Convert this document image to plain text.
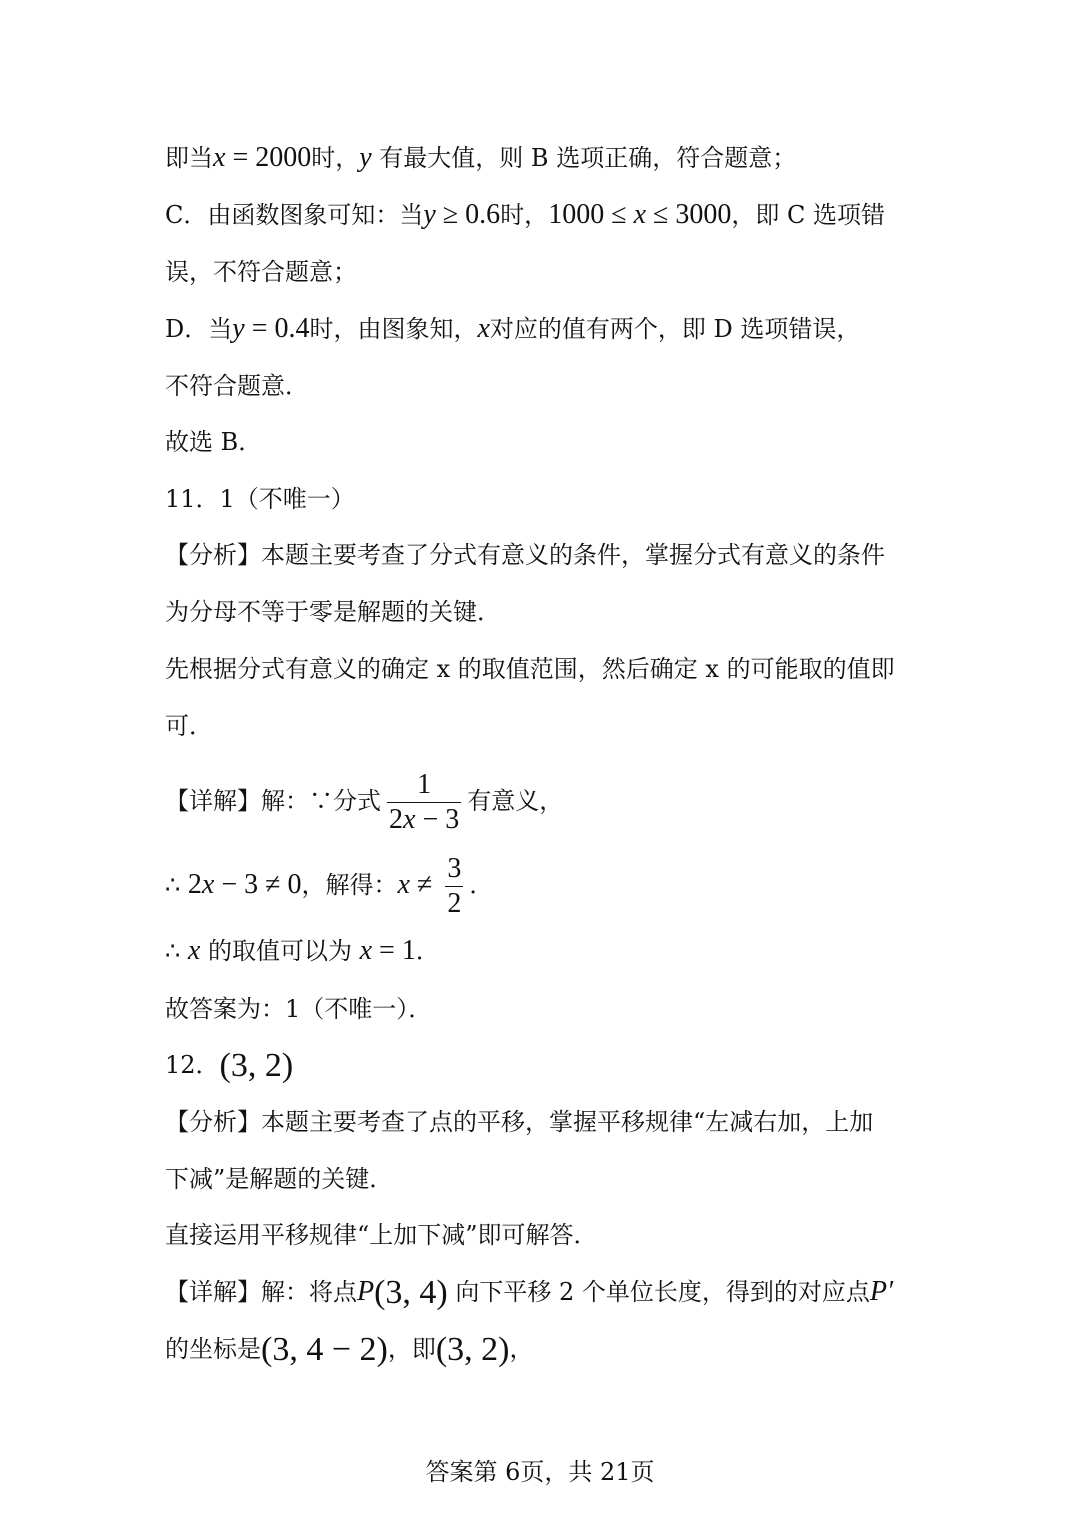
即当x = 2000时，y 有最大值，则 B 选项正确，符合题意；
C．由函数图象可知：当y ≥ 0.6时，1000 ≤ x ≤ 3000，即 C 选项错
误，不符合题意；
D．当y = 0.4时，由图象知，x对应的值有两个，即 D 选项错误，
不符合题意．
故选 B．
11．1（不唯一）
【分析】本题主要考查了分式有意义的条件，掌握分式有意义的条件
为分母不等于零是解题的关键．
先根据分式有意义的确定 x 的取值范围，然后确定 x 的可能取的值即
可．
【详解】解：∵分式 $\frac{1}{2x - 3}$ 有意义，
∴ 2x − 3 ≠ 0，解得：$x \ne \frac{3}{2}$ ．
∴ x 的取值可以为 x = 1．
故答案为：1（不唯一）．
12．(3, 2)
【分析】本题主要考查了点的平移，掌握平移规律“左减右加，上加
下减”是解题的关键．
直接运用平移规律“上加下减”即可解答．
【详解】解：将点P(3, 4) 向下平移 2 个单位长度，得到的对应点P′
的坐标是(3, 4 − 2)，即(3, 2)，
答案第 6页，共 21页
